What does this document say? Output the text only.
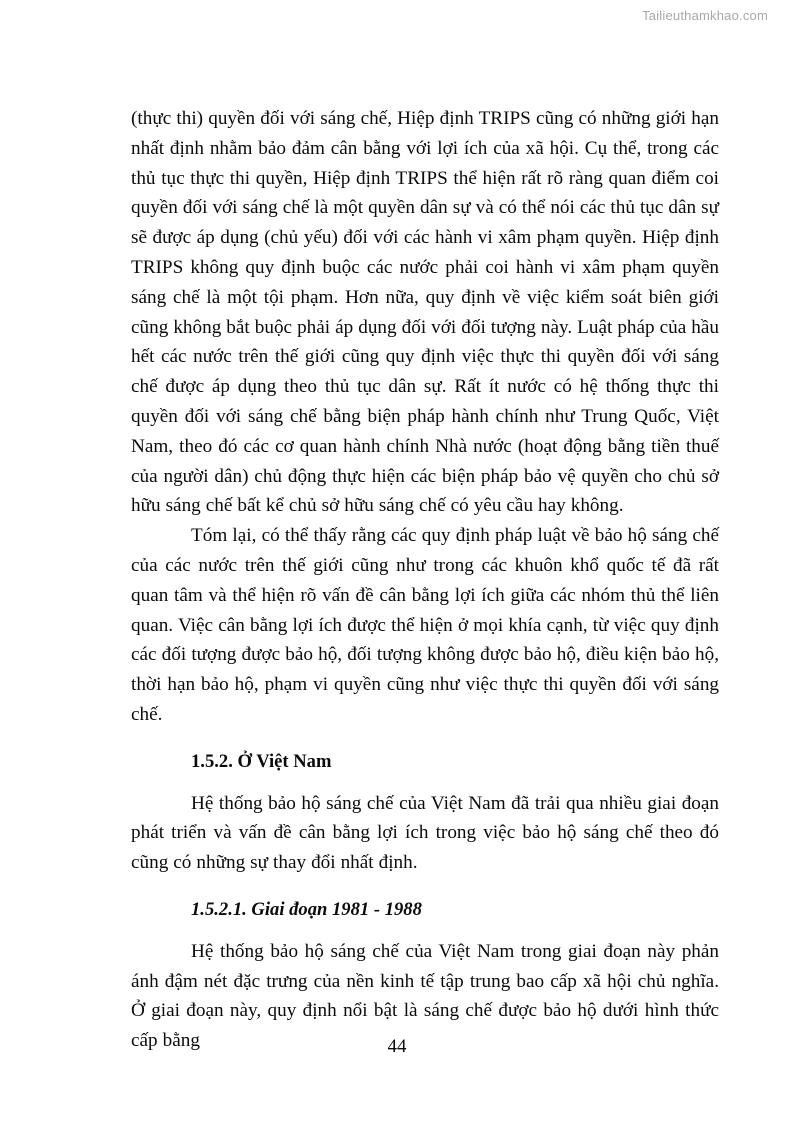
Tailieuthamkhao.com

(thực thi) quyền đối với sáng chế, Hiệp định TRIPS cũng có những giới hạn nhất định nhằm bảo đảm cân bằng với lợi ích của xã hội. Cụ thể, trong các thủ tục thực thi quyền, Hiệp định TRIPS thể hiện rất rõ ràng quan điểm coi quyền đối với sáng chế là một quyền dân sự và có thể nói các thủ tục dân sự sẽ được áp dụng (chủ yếu) đối với các hành vi xâm phạm quyền. Hiệp định TRIPS không quy định buộc các nước phải coi hành vi xâm phạm quyền sáng chế là một tội phạm. Hơn nữa, quy định về việc kiểm soát biên giới cũng không bắt buộc phải áp dụng đối với đối tượng này. Luật pháp của hầu hết các nước trên thế giới cũng quy định việc thực thi quyền đối với sáng chế được áp dụng theo thủ tục dân sự. Rất ít nước có hệ thống thực thi quyền đối với sáng chế bằng biện pháp hành chính như Trung Quốc, Việt Nam, theo đó các cơ quan hành chính Nhà nước (hoạt động bằng tiền thuế của người dân) chủ động thực hiện các biện pháp bảo vệ quyền cho chủ sở hữu sáng chế bất kể chủ sở hữu sáng chế có yêu cầu hay không.

Tóm lại, có thể thấy rằng các quy định pháp luật về bảo hộ sáng chế của các nước trên thế giới cũng như trong các khuôn khổ quốc tế đã rất quan tâm và thể hiện rõ vấn đề cân bằng lợi ích giữa các nhóm thủ thể liên quan. Việc cân bằng lợi ích được thể hiện ở mọi khía cạnh, từ việc quy định các đối tượng được bảo hộ, đối tượng không được bảo hộ, điều kiện bảo hộ, thời hạn bảo hộ, phạm vi quyền cũng như việc thực thi quyền đối với sáng chế.

1.5.2. Ở Việt Nam

Hệ thống bảo hộ sáng chế của Việt Nam đã trải qua nhiều giai đoạn phát triển và vấn đề cân bằng lợi ích trong việc bảo hộ sáng chế theo đó cũng có những sự thay đổi nhất định.

1.5.2.1. Giai đoạn 1981 - 1988

Hệ thống bảo hộ sáng chế của Việt Nam trong giai đoạn này phản ánh đậm nét đặc trưng của nền kinh tế tập trung bao cấp xã hội chủ nghĩa. Ở giai đoạn này, quy định nổi bật là sáng chế được bảo hộ dưới hình thức cấp bằng	44
